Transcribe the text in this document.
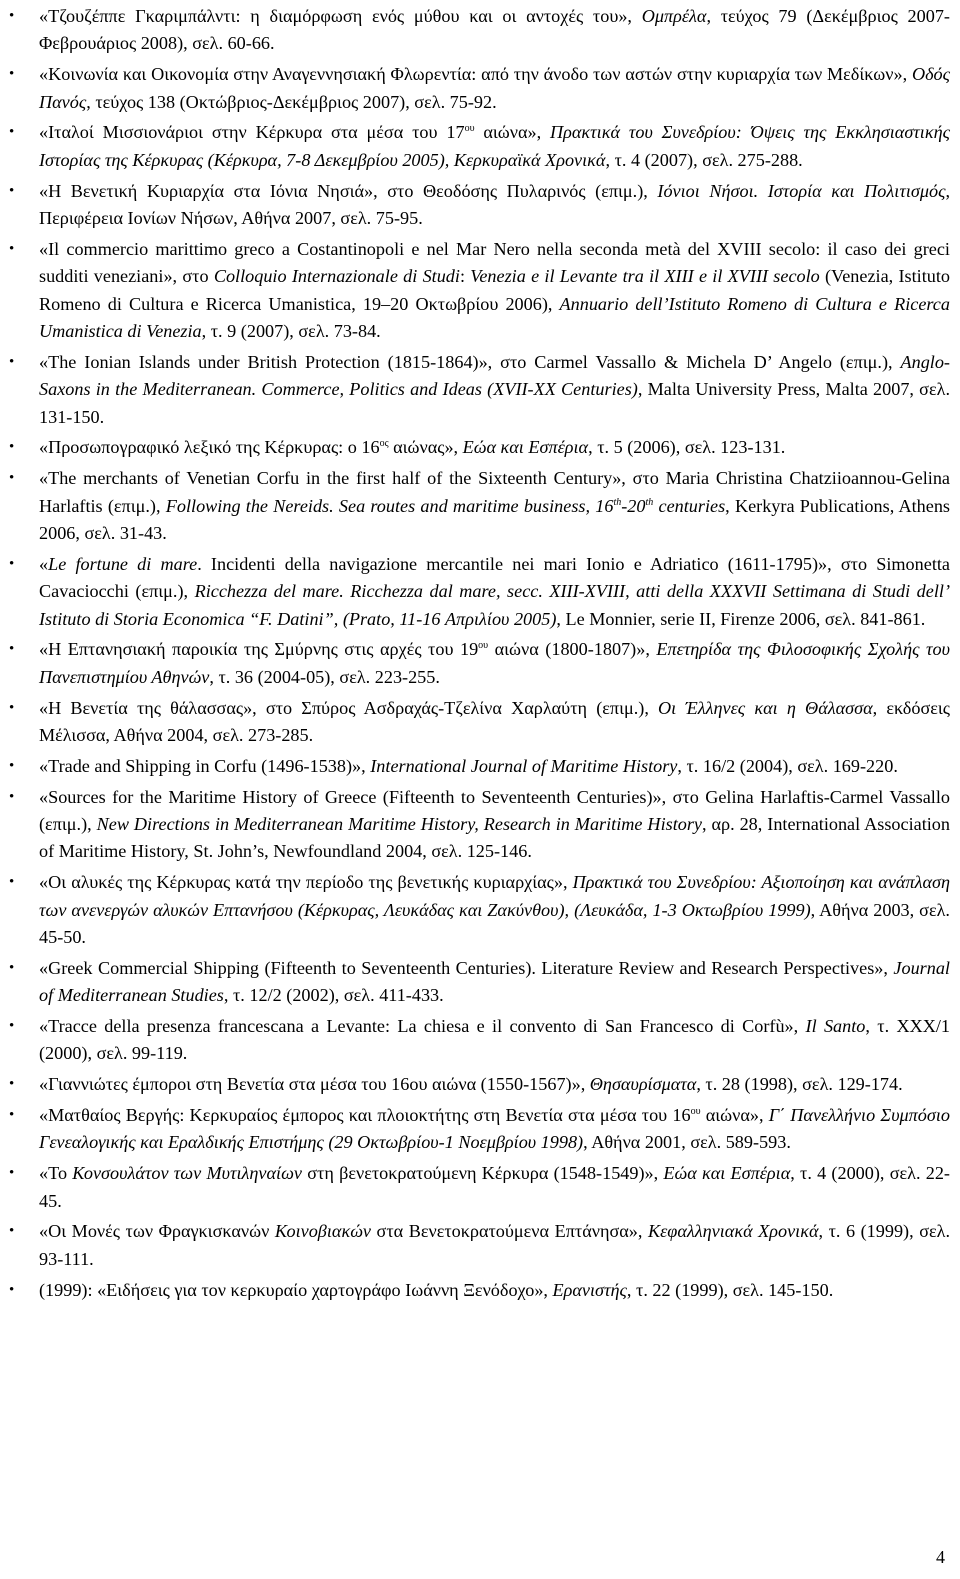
• «Τζουζέππε Γκαριμπάλντι: η διαμόρφωση ενός μύθου και οι αντοχές του», Ομπρέλα, τεύχος 79 (Δεκέμβριος 2007-Φεβρουάριος 2008), σελ. 60-66.
• «Κοινωνία και Οικονομία στην Αναγεννησιακή Φλωρεντία: από την άνοδο των αστών στην κυριαρχία των Μεδίκων», Οδός Πανός, τεύχος 138 (Οκτώβριος-Δεκέμβριος 2007), σελ. 75-92.
• «Ιταλοί Μισσιονάριοι στην Κέρκυρα στα μέσα του $17^{o\upsilon}$ αιώνα», Πρακτικά του Συνεδρίου: Όψεις της Εκκλησιαστικής Ιστορίας της Κέρκυρας (Κέρκυρα, 7-8 Δεκεμβρίου 2005), Κερκυραϊκά Χρονικά, τ. 4 (2007), σελ. 275-288.
• «Η Βενετική Κυριαρχία στα Ιόνια Νησιά», στο Θεοδόσης Πυλαρινός (επιμ.), Ιόνιοι Νήσοι. Ιστορία και Πολιτισμός, Περιφέρεια Ιονίων Νήσων, Αθήνα 2007, σελ. 75-95.
• «Il commercio marittimo greco a Costantinopoli e nel Mar Nero nella seconda metà del XVIII secolo: il caso dei greci sudditi veneziani», στο Colloquio Internazionale di Studi: Venezia e il Levante tra il XIII e il XVIII secolo (Venezia, Istituto Romeno di Cultura e Ricerca Umanistica, 19–20 Οκτωβρίου 2006), Annuario dell’Istituto Romeno di Cultura e Ricerca Umanistica di Venezia, τ. 9 (2007), σελ. 73-84.
• «The Ionian Islands under British Protection (1815-1864)», στο Carmel Vassallo & Michela D’ Angelo (επιμ.), Anglo-Saxons in the Mediterranean. Commerce, Politics and Ideas (XVII-XX Centuries), Malta University Press, Malta 2007, σελ. 131-150.
• «Προσωπογραφικό λεξικό της Κέρκυρας: ο $16^{o\varsigma}$ αιώνας», Εώα και Εσπέρια, τ. 5 (2006), σελ. 123-131.
• «The merchants of Venetian Corfu in the first half of the Sixteenth Century», στο Maria Christina Chatziioannou-Gelina Harlaftis (επιμ.), Following the Nereids. Sea routes and maritime business, 16th-20th centuries, Kerkyra Publications, Athens 2006, σελ. 31-43.
• «Le fortune di mare. Incidenti della navigazione mercantile nei mari Ionio e Adriatico (1611-1795)», στο Simonetta Cavaciocchi (επιμ.), Ricchezza del mare. Ricchezza dal mare, secc. XIII-XVIII, atti della XXXVII Settimana di Studi dell’ Istituto di Storia Economica “F. Datini”, (Prato, 11-16 Απριλίου 2005), Le Monnier, serie II, Firenze 2006, σελ. 841-861.
• «Η Επτανησιακή παροικία της Σμύρνης στις αρχές του $19^{o\upsilon}$ αιώνα (1800-1807)», Επετηρίδα της Φιλοσοφικής Σχολής του Πανεπιστημίου Αθηνών, τ. 36 (2004-05), σελ. 223-255.
• «Η Βενετία της θάλασσας», στο Σπύρος Ασδραχάς-Τζελίνα Χαρλαύτη (επιμ.), Οι Έλληνες και η Θάλασσα, εκδόσεις Μέλισσα, Αθήνα 2004, σελ. 273-285.
• «Trade and Shipping in Corfu (1496-1538)», International Journal of Maritime History, τ. 16/2 (2004), σελ. 169-220.
• «Sources for the Maritime History of Greece (Fifteenth to Seventeenth Centuries)», στο Gelina Harlaftis-Carmel Vassallo (επιμ.), New Directions in Mediterranean Maritime History, Research in Maritime History, αρ. 28, International Association of Maritime History, St. John’s, Newfoundland 2004, σελ. 125-146.
• «Οι αλυκές της Κέρκυρας κατά την περίοδο της βενετικής κυριαρχίας», Πρακτικά του Συνεδρίου: Αξιοποίηση και ανάπλαση των ανενεργών αλυκών Επτανήσου (Κέρκυρας, Λευκάδας και Ζακύνθου), (Λευκάδα, 1-3 Οκτωβρίου 1999), Αθήνα 2003, σελ. 45-50.
• «Greek Commercial Shipping (Fifteenth to Seventeenth Centuries). Literature Review and Research Perspectives», Journal of Mediterranean Studies, τ. 12/2 (2002), σελ. 411-433.
• «Tracce della presenza francescana a Levante: La chiesa e il convento di San Francesco di Corfù», Il Santo, τ. XXX/1 (2000), σελ. 99-119.
• «Γιαννιώτες έμποροι στη Βενετία στα μέσα του 16ου αιώνα (1550-1567)», Θησαυρίσματα, τ. 28 (1998), σελ. 129-174.
• «Ματθαίος Βεργής: Κερκυραίος έμπορος και πλοιοκτήτης στη Βενετία στα μέσα του $16^{o\upsilon}$ αιώνα», Γ΄ Πανελλήνιο Συμπόσιο Γενεαλογικής και Εραλδικής Επιστήμης (29 Οκτωβρίου-1 Νοεμβρίου 1998), Αθήνα 2001, σελ. 589-593.
• «Το Κονσουλάτον των Μυτιληναίων στη βενετοκρατούμενη Κέρκυρα (1548-1549)», Εώα και Εσπέρια, τ. 4 (2000), σελ. 22-45.
• «Οι Μονές των Φραγκισκανών Κοινοβιακών στα Βενετοκρατούμενα Επτάνησα», Κεφαλληνιακά Χρονικά, τ. 6 (1999), σελ. 93-111.
• (1999): «Ειδήσεις για τον κερκυραίο χαρτογράφο Ιωάννη Ξενόδοχο», Ερανιστής, τ. 22 (1999), σελ. 145-150.
4
